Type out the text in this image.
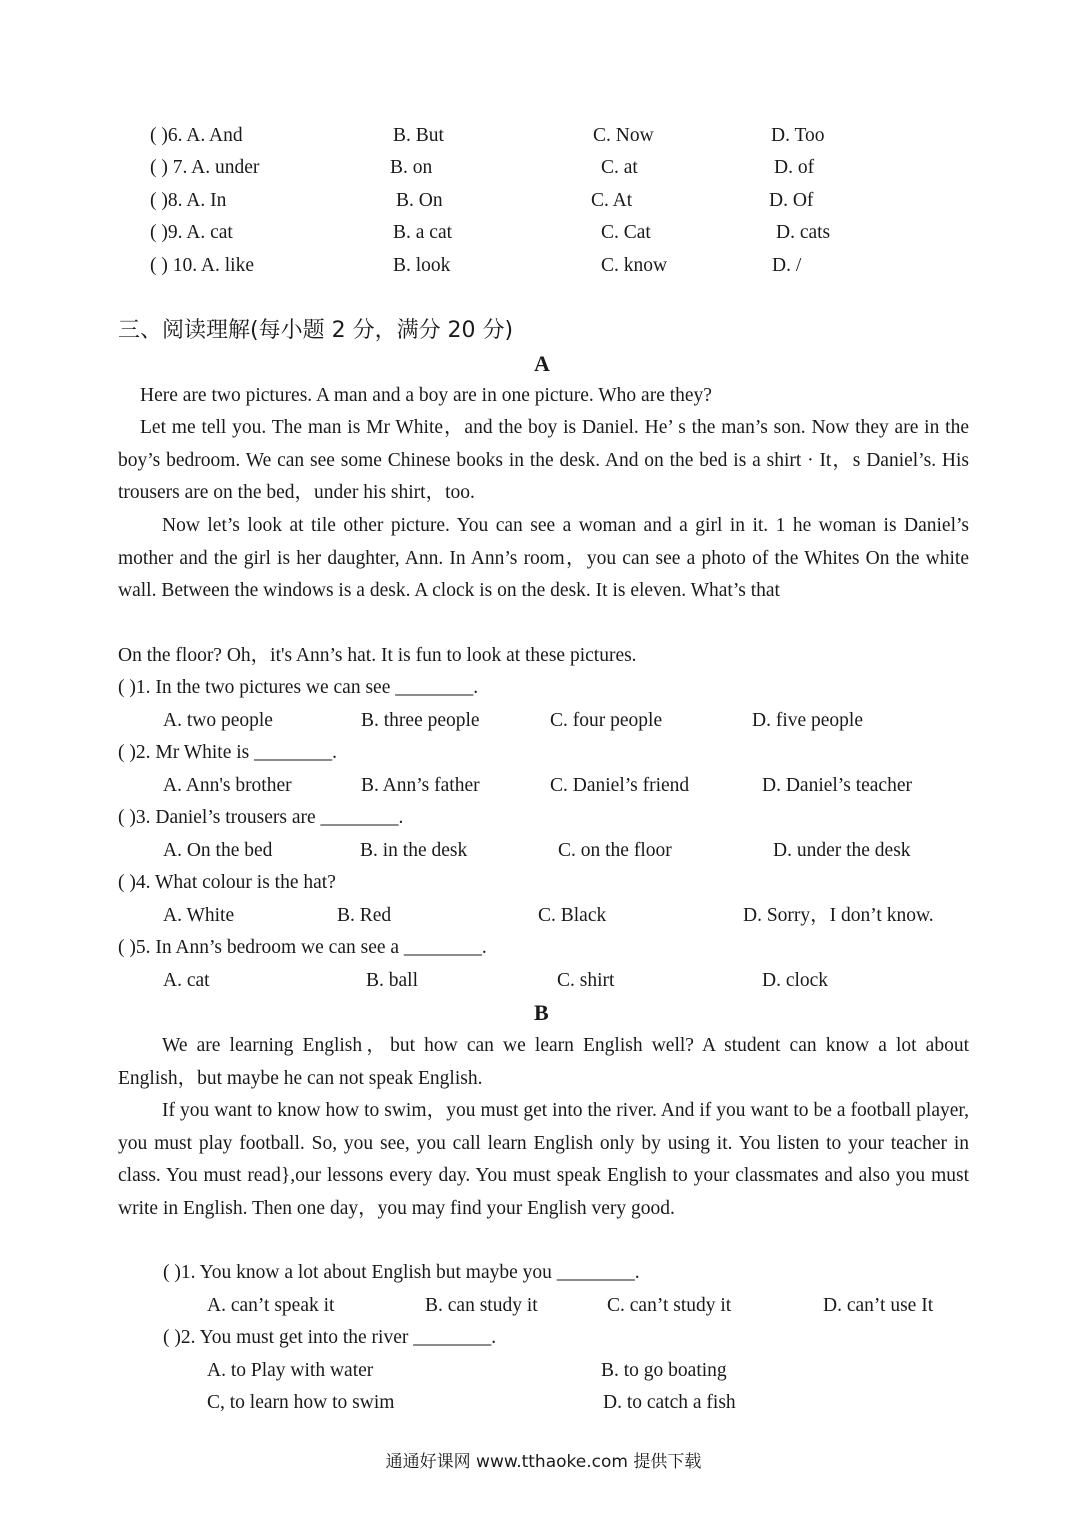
( )6. A. And	B. But	C. Now	D. Too
( ) 7. A. under	B. on	C. at	D. of
( )8. A. In	B. On	C. At	D. Of
( )9. A. cat	B. a cat	C. Cat	D. cats
( ) 10. A. like	B. look	C. know	D. /
三、阅读理解(每小题 2 分，满分 20 分)
A
Here are two pictures. A man and a boy are in one picture. Who are they?
Let me tell you. The man is Mr White，and the boy is Daniel. He’ s the man’s son. Now they are in the boy’s bedroom. We can see some Chinese books in the desk. And on the bed is a shirt · It，s Daniel’s. His trousers are on the bed，under his shirt，too.
Now let’s look at tile other picture. You can see a woman and a girl in it. 1 he woman is Daniel’s mother and the girl is her daughter, Ann. In Ann’s room，you can see a photo of the Whites On the white wall. Between the windows is a desk. A clock is on the desk. It is eleven. What’s that
On the floor? Oh，it's Ann’s hat. It is fun to look at these pictures.
( )1. In the two pictures we can see ________.
A. two people	B. three people	C. four people	D. five people
( )2. Mr White is ________.
A. Ann's brother	B. Ann’s father	C. Daniel’s friend	D. Daniel’s teacher
( )3. Daniel’s trousers are ________.
A. On the bed	B. in the desk	C. on the floor	D. under the desk
( )4. What colour is the hat?
A. White	B. Red	C. Black	D. Sorry，I don’t know.
( )5. In Ann’s bedroom we can see a ________.
A. cat	B. ball	C. shirt	D. clock
B
We are learning English，but how can we learn English well? A student can know a lot about English，but maybe he can not speak English.
If you want to know how to swim，you must get into the river. And if you want to be a football player, you must play football. So, you see, you call learn English only by using it. You listen to your teacher in class. You must read},our lessons every day. You must speak English to your classmates and also you must write in English. Then one day，you may find your English very good.
( )1. You know a lot about English but maybe you ________.
A. can’t speak it	B. can study it	C. can’t study it	D. can’t use It
( )2. You must get into the river ________.
A. to Play with water	B. to go boating
C, to learn how to swim	D. to catch a fish
通通好课网 www.tthaoke.com 提供下载
